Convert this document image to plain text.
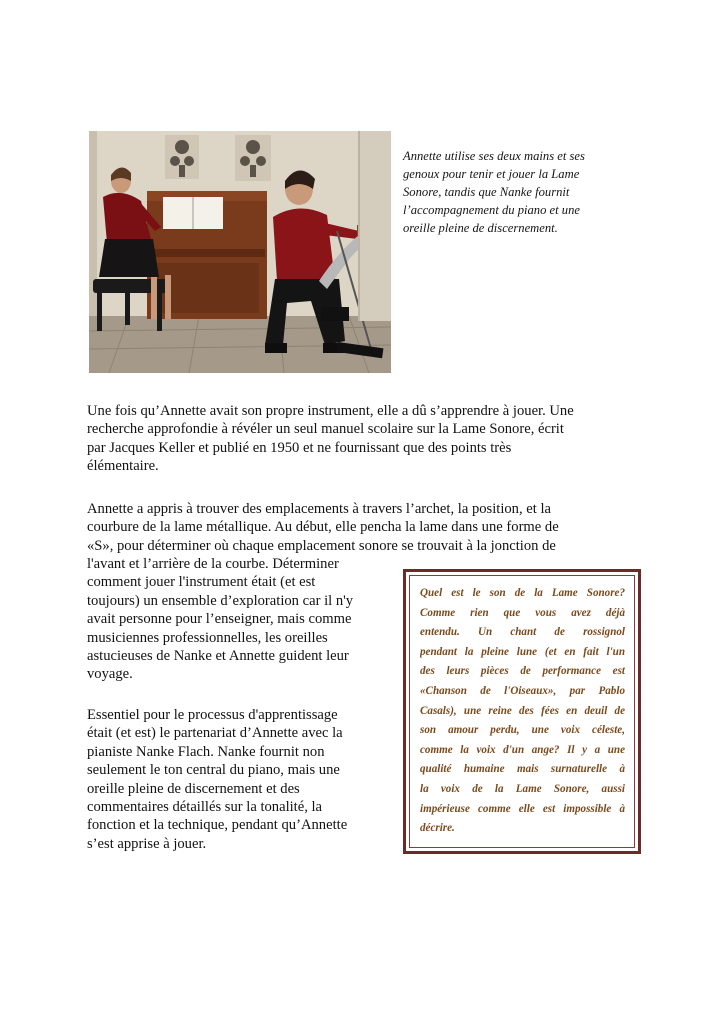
Annette utilise ses deux mains et ses
genoux pour tenir et jouer la Lame
Sonore, tandis que Nanke fournit
l’accompagnement du piano et une
oreille pleine de discernement.

Une fois qu’Annette avait son propre instrument, elle a dû s’apprendre à jouer. Une
recherche approfondie à révéler un seul manuel scolaire sur la Lame Sonore, écrit
par Jacques Keller et publié en 1950 et ne fournissant que des points très
élémentaire.

Annette a appris à trouver des emplacements à travers l’archet, la position, et la
courbure de la lame métallique. Au début, elle pencha la lame dans une forme de
«S», pour déterminer où chaque emplacement sonore se trouvait à la jonction de

l'avant et l’arrière de la courbe. Déterminer
comment jouer l'instrument était (et est
toujours) un ensemble d’exploration car il n'y
avait personne pour l’enseigner, mais comme
musiciennes professionnelles, les oreilles
astucieuses de Nanke et Annette guident leur
voyage.

Essentiel pour le processus d'apprentissage
était (et est) le partenariat d’Annette avec la
pianiste Nanke Flach. Nanke fournit non
seulement le ton central du piano, mais une
oreille pleine de discernement et des
commentaires détaillés sur la tonalité, la
fonction et la technique, pendant qu’Annette
s’est apprise à jouer.

Quel est le son de la Lame Sonore?
Comme rien que vous avez déjà
entendu. Un chant de rossignol
pendant la pleine lune (et en fait l'un
des leurs pièces de performance est
«Chanson de l'Oiseaux», par Pablo
Casals), une reine des fées en deuil de
son amour perdu, une voix céleste,
comme la voix d'un ange? Il y a une
qualité humaine mais surnaturelle à
la voix de la Lame Sonore, aussi
impérieuse comme elle est impossible à
décrire.
